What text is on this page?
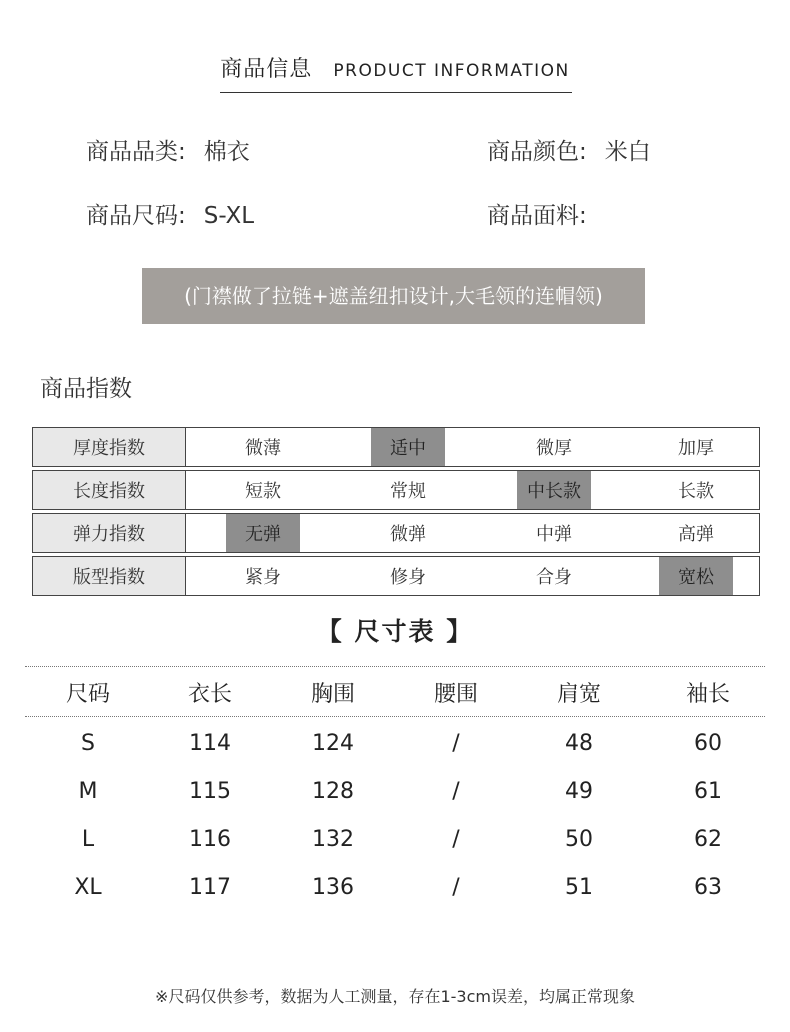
商品信息 PRODUCT INFORMATION
商品品类: 棉衣	商品颜色: 米白
商品尺码: S-XL	商品面料:
(门襟做了拉链+遮盖纽扣设计,大毛领的连帽领)
商品指数
厚度指数	微薄	适中	微厚	加厚
长度指数	短款	常规	中长款	长款
弹力指数	无弹	微弹	中弹	高弹
版型指数	紧身	修身	合身	宽松
【 尺寸表 】
尺码	衣长	胸围	腰围	肩宽	袖长
S	114	124	/	48	60
M	115	128	/	49	61
L	116	132	/	50	62
XL	117	136	/	51	63
※尺码仅供参考，数据为人工测量，存在1-3cm误差，均属正常现象
